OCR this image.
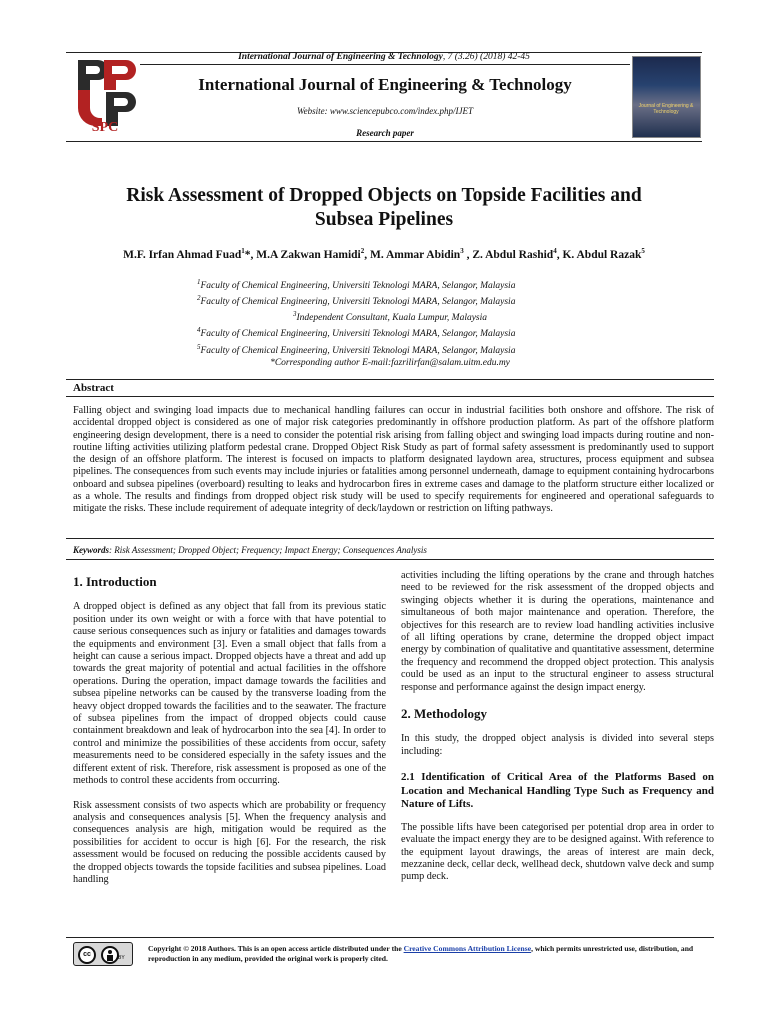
International Journal of Engineering & Technology, 7 (3.26) (2018) 42-45
SPC
International Journal of Engineering & Technology
Website: www.sciencepubco.com/index.php/IJET
Research paper
Journal of Engineering & Technology
Risk Assessment of Dropped Objects on Topside Facilities and
Subsea Pipelines
M.F. Irfan Ahmad Fuad$^1$*, M.A Zakwan Hamidi$^2$, M. Ammar Abidin$^3$ , Z. Abdul Rashid$^4$, K. Abdul Razak$^5$
$^1$Faculty of Chemical Engineering, Universiti Teknologi MARA, Selangor, Malaysia
$^2$Faculty of Chemical Engineering, Universiti Teknologi MARA, Selangor, Malaysia
$^3$Independent Consultant, Kuala Lumpur, Malaysia
$^4$Faculty of Chemical Engineering, Universiti Teknologi MARA, Selangor, Malaysia
$^5$Faculty of Chemical Engineering, Universiti Teknologi MARA, Selangor, Malaysia
*Corresponding author E-mail:fazrilirfan@salam.uitm.edu.my
Abstract
Falling object and swinging load impacts due to mechanical handling failures can occur in industrial facilities both onshore and offshore. The risk of accidental dropped object is considered as one of major risk categories predominantly in offshore production platform. As part of the offshore platform engineering design development, there is a need to consider the potential risk arising from falling object and swinging load impacts during routine and non-routine lifting activities utilizing platform pedestal crane. Dropped Object Risk Study as part of formal safety assessment is predominantly used to support the design of an offshore platform. The interest is focused on impacts to platform designated laydown area, structures, process equipment and subsea pipelines. The consequences from such events may include injuries or fatalities among personnel underneath, damage to equipment containing hydrocarbons onboard and subsea pipelines (overboard) resulting to leaks and hydrocarbon fires in extreme cases and damage to the platform structure either localized or as a whole. The results and findings from dropped object risk study will be used to specify requirements for engineered and operational safeguards to mitigate the risks. These include requirement of adequate integrity of deck/laydown or restriction on lifting pathways.
Keywords: Risk Assessment; Dropped Object; Frequency; Impact Energy; Consequences Analysis
1. Introduction

A dropped object is defined as any object that fall from its previous static position under its own weight or with a force with that have potential to cause serious consequences such as injury or fatalities and damages towards the equipments and environment [3]. Even a small object that falls from a height can cause a serious impact. Dropped objects have a threat and add up towards the great majority of potential and actual facilities in the offshore operations. During the operation, impact damage towards the facilities and subsea pipeline networks can be caused by the transverse loading from the heavy object dropped towards the facilities and to the seawater. The fracture of subsea pipelines from the impact of dropped objects could cause containment breakdown and leak of hydrocarbon into the sea [4]. In order to control and minimize the possibilities of these accidents from occur, safety measurements need to be considered especially in the safety issues and the different extent of risk. Therefore, risk assessment is proposed as one of the methods to control these accidents from occurring.

Risk assessment consists of two aspects which are probability or frequency analysis and consequences analysis [5]. When the frequency analysis and consequences analysis are high, mitigation would be required as the possibilities for accident to occur is high [6]. For the research, the risk assessment would be focused on reducing the possible accidents caused by the dropped objects towards the topside facilities and subsea pipelines. Load handling

activities including the lifting operations by the crane and through hatches need to be reviewed for the risk assessment of the dropped objects and swinging objects whether it is during the operations, maintenance and simultaneous of both major maintenance and operation. Therefore, the objectives for this research are to review load handling activities inclusive of all lifting operations by crane, determine the dropped object impact energy by combination of qualitative and quantitative assessment, determine the frequency and recommend the dropped object protection. This analysis could be used as an input to the structural engineer to assess structural response and performance against the design impact energy.

2. Methodology

In this study, the dropped object analysis is divided into several steps including:

2.1 Identification of Critical Area of the Platforms Based on Location and Mechanical Handling Type Such as Frequency and Nature of Lifts.

The possible lifts have been categorised per potential drop area in order to evaluate the impact energy they are to be designed against. With reference to the equipment layout drawings, the areas of interest are main deck, mezzanine deck, cellar deck, wellhead deck, shutdown valve deck and sump pump deck.

cc	BY
Copyright © 2018 Authors. This is an open access article distributed under the Creative Commons Attribution License, which permits unrestricted use, distribution, and reproduction in any medium, provided the original work is properly cited.
